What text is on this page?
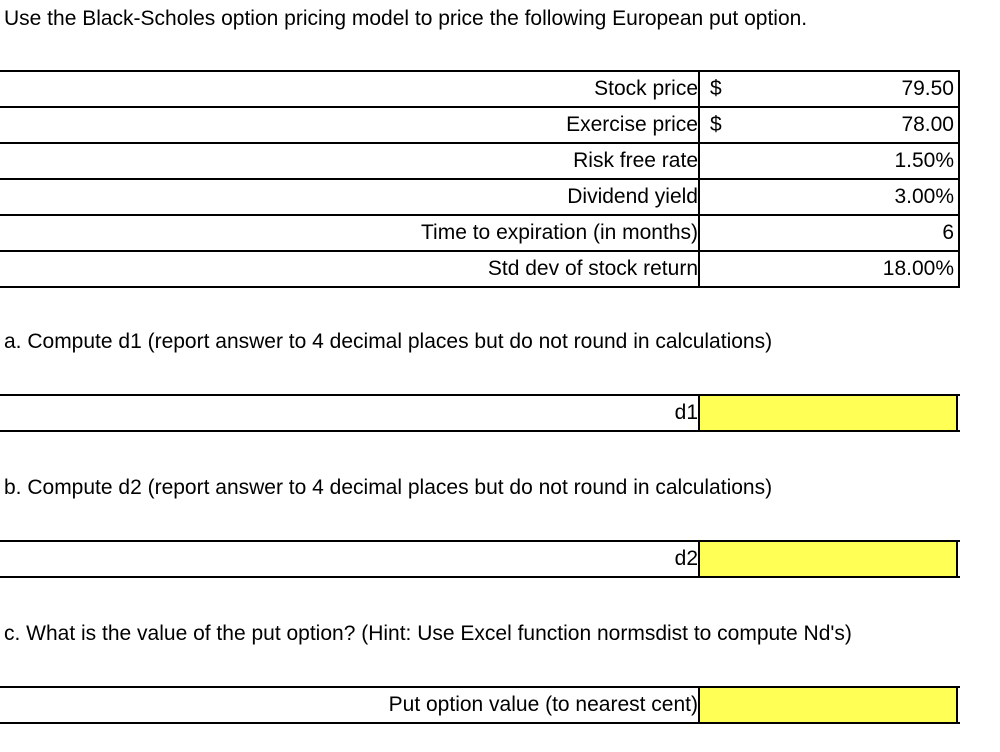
Use the Black-Scholes option pricing model to price the following European put option.
Stock price $	79.50
Exercise price $	78.00
Risk free rate	1.50%
Dividend yield	3.00%
Time to expiration (in months)	6
Std dev of stock return	18.00%
a. Compute d1 (report answer to 4 decimal places but do not round in calculations)
d1
b. Compute d2 (report answer to 4 decimal places but do not round in calculations)
d2
c. What is the value of the put option? (Hint: Use Excel function normsdist to compute Nd's)
Put option value (to nearest cent)
